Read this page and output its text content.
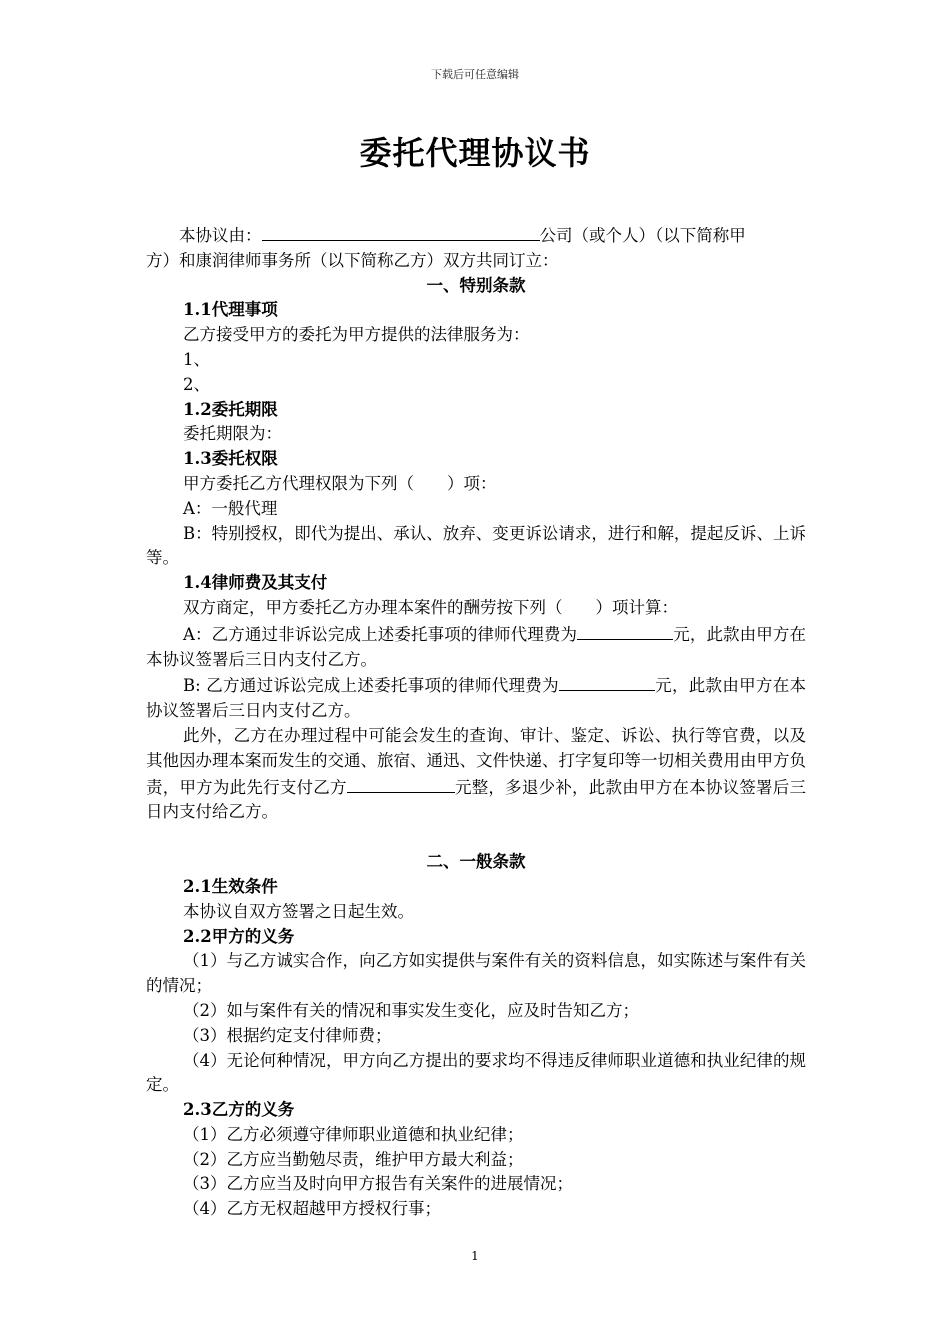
下载后可任意编辑
委托代理协议书

本协议由：	公司（或个人）（以下简称甲
方）和康润律师事务所（以下简称乙方）双方共同订立：

一、特别条款

1.1代理事项

乙方接受甲方的委托为甲方提供的法律服务为：

1、

2、

1.2委托期限

委托期限为：

1.3委托权限

甲方委托乙方代理权限为下列（　　）项：

A：一般代理

B：特别授权，即代为提出、承认、放弃、变更诉讼请求，进行和解，提起反诉、上诉等。

1.4律师费及其支付

双方商定，甲方委托乙方办理本案件的酬劳按下列（　　）项计算：

A：乙方通过非诉讼完成上述委托事项的律师代理费为	元，此款由甲方在本协议签署后三日内支付乙方。

B: 乙方通过诉讼完成上述委托事项的律师代理费为	元，此款由甲方在本协议签署后三日内支付乙方。

此外，乙方在办理过程中可能会发生的查询、审计、鉴定、诉讼、执行等官费，以及其他因办理本案而发生的交通、旅宿、通迅、文件快递、打字复印等一切相关费用由甲方负责，甲方为此先行支付乙方	元整，多退少补，此款由甲方在本协议签署后三日内支付给乙方。

二、一般条款

2.1生效条件

本协议自双方签署之日起生效。

2.2甲方的义务

（1）与乙方诚实合作，向乙方如实提供与案件有关的资料信息，如实陈述与案件有关的情况；

（2）如与案件有关的情况和事实发生变化，应及时告知乙方；

（3）根据约定支付律师费；

（4）无论何种情况，甲方向乙方提出的要求均不得违反律师职业道德和执业纪律的规定。

2.3乙方的义务

（1）乙方必须遵守律师职业道德和执业纪律；

（2）乙方应当勤勉尽责，维护甲方最大利益；

（3）乙方应当及时向甲方报告有关案件的进展情况；

（4）乙方无权超越甲方授权行事；

1
